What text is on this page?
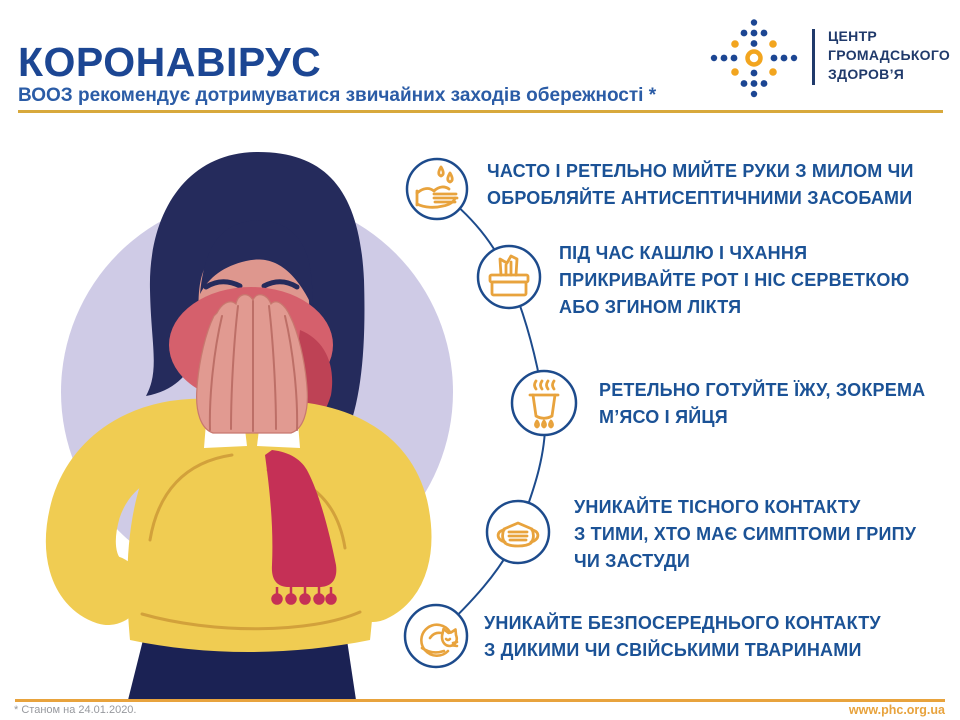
КОРОНАВІРУС

ВООЗ рекомендує дотримуватися звичайних заходів обережності *

ЦЕНТР
ГРОМАДСЬКОГО
ЗДОРОВ’Я
ЧАСТО І РЕТЕЛЬНО МИЙТЕ РУКИ З МИЛОМ ЧИ
ОБРОБЛЯЙТЕ АНТИСЕПТИЧНИМИ ЗАСОБАМИ
ПІД ЧАС КАШЛЮ І ЧХАННЯ
ПРИКРИВАЙТЕ РОТ І НІС СЕРВЕТКОЮ
АБО ЗГИНОМ ЛІКТЯ
РЕТЕЛЬНО ГОТУЙТЕ ЇЖУ, ЗОКРЕМА
М’ЯСО І ЯЙЦЯ
УНИКАЙТЕ ТІСНОГО КОНТАКТУ
З ТИМИ, ХТО МАЄ СИМПТОМИ ГРИПУ
ЧИ ЗАСТУДИ
УНИКАЙТЕ БЕЗПОСЕРЕДНЬОГО КОНТАКТУ
З ДИКИМИ ЧИ СВІЙСЬКИМИ ТВАРИНАМИ
* Станом на 24.01.2020.	www.phc.org.ua
